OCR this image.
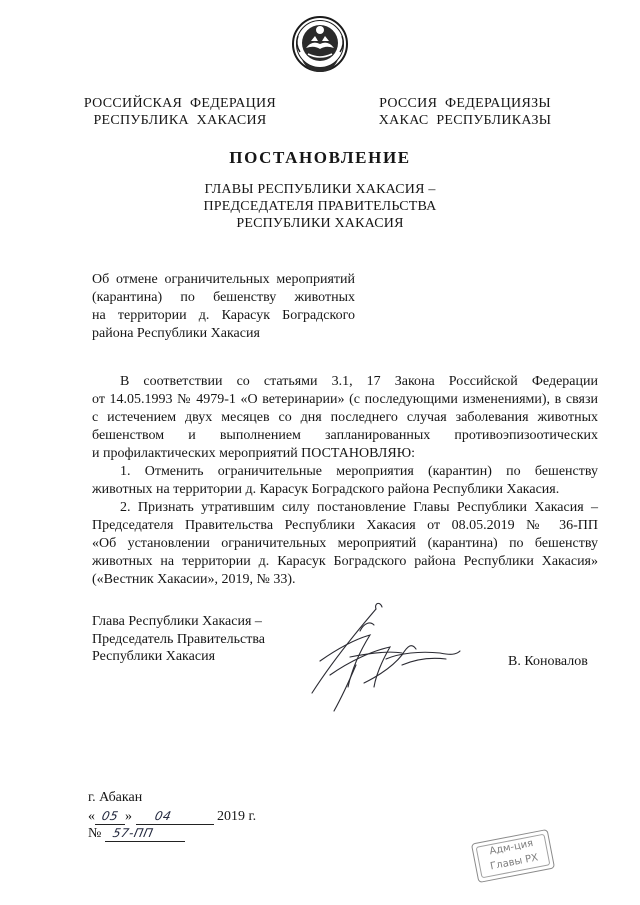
РОССИЙСКАЯ ФЕДЕРАЦИЯ
РЕСПУБЛИКА ХАКАСИЯ
РОССИЯ ФЕДЕРАЦИЯЗЫ
ХАКАС РЕСПУБЛИКАЗЫ
ПОСТАНОВЛЕНИЕ
ГЛАВЫ РЕСПУБЛИКИ ХАКАСИЯ –
ПРЕДСЕДАТЕЛЯ ПРАВИТЕЛЬСТВА
РЕСПУБЛИКИ ХАКАСИЯ
Об отмене ограничительных мероприятий
(карантина) по бешенству животных
на территории д. Карасук Боградского
района Республики Хакасия
В соответствии со статьями 3.1, 17 Закона Российской Федерации
от 14.05.1993 № 4979-1 «О ветеринарии» (с последующими изменениями), в связи
с истечением двух месяцев со дня последнего случая заболевания животных
бешенством и выполнением запланированных противоэпизоотических
и профилактических мероприятий ПОСТАНОВЛЯЮ:
1. Отменить ограничительные мероприятия (карантин) по бешенству
животных на территории д. Карасук Боградского района Республики Хакасия.
2. Признать утратившим силу постановление Главы Республики Хакасия –
Председателя Правительства Республики Хакасия от 08.05.2019 № 36-ПП
«Об установлении ограничительных мероприятий (карантина) по бешенству
животных на территории д. Карасук Боградского района Республики Хакасия»
(«Вестник Хакасии», 2019, № 33).
Глава Республики Хакасия –
Председатель Правительства
Республики Хакасия	В. Коновалов
г. Абакан
« 05 » 04	2019 г.
№ 57-ПП
Адм-ция
Главы РХ
